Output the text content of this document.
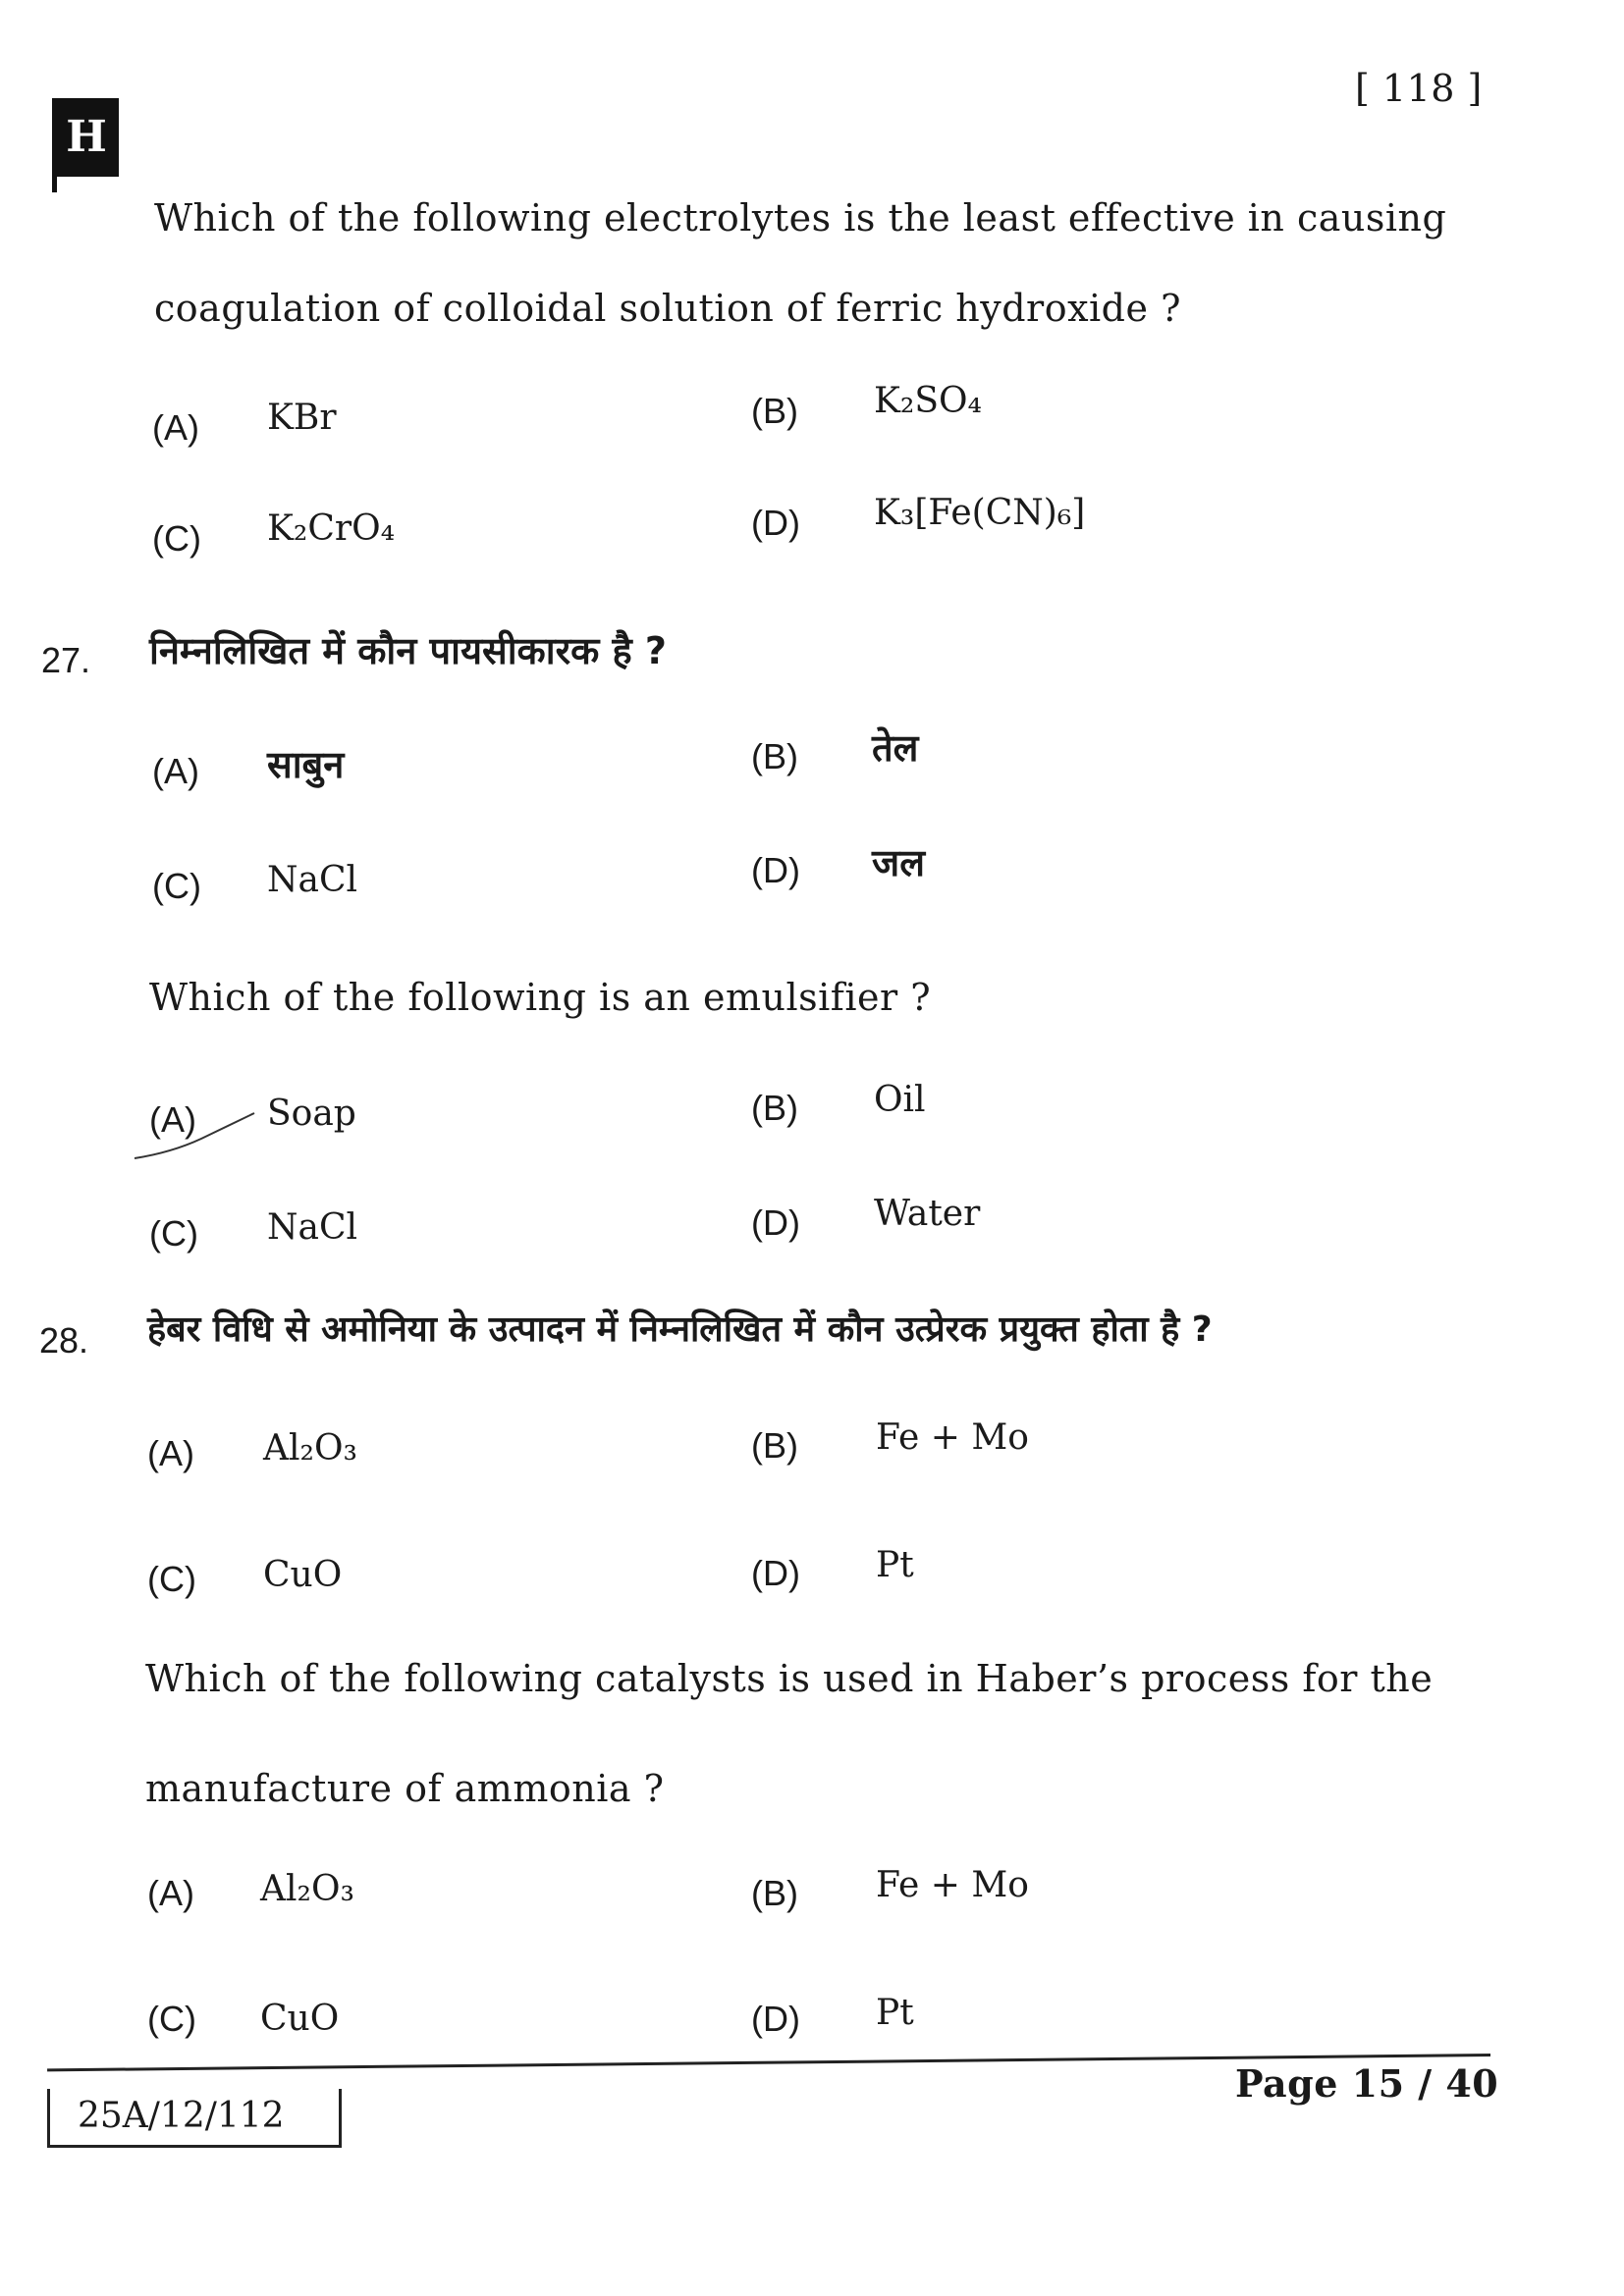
[ 118 ]
H
Which of the following electrolytes is the least effective in causing
coagulation of colloidal solution of ferric hydroxide ?
(A) KBr	(B) K₂SO₄
(C) K₂CrO₄	(D) K₃[Fe(CN)₆]
27. निम्नलिखित में कौन पायसीकारक है ?
(A) साबुन	(B) तेल
(C) NaCl	(D) जल
Which of the following is an emulsifier ?
(A) Soap	(B) Oil
(C) NaCl	(D) Water
28. हेबर विधि से अमोनिया के उत्पादन में निम्नलिखित में कौन उत्प्रेरक प्रयुक्त होता है ?
(A) Al₂O₃	(B) Fe + Mo
(C) CuO	(D) Pt
Which of the following catalysts is used in Haber’s process for the
manufacture of ammonia ?
(A) Al₂O₃	(B) Fe + Mo
(C) CuO	(D) Pt
25A/12/112
Page 15 / 40
